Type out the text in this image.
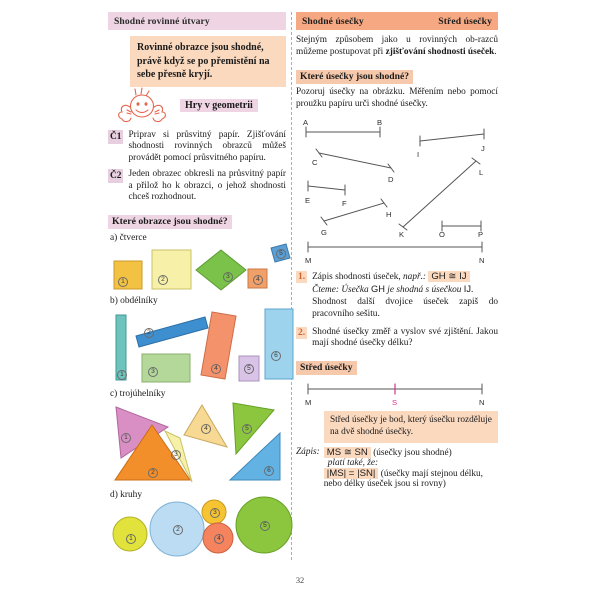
Shodné rovinné útvary
Rovinné obrazce jsou shodné, právě když se po přemistění na sebe přesně kryjí.
Hry v geometrii
Č1 Priprav si průsvitný papír. Zjišťování shodnosti rovinných obrazců můžeš provádět pomocí průsvitného papíru.
Č2 Jeden obrazec obkresli na průsvitný papír a přilož ho k obrazci, o jehož shodnosti chceš rozhodnout.
Které obrazce jsou shodné?
a) čtverce
1	2	3	4
5
b) obdélníky
1
2
3	4	5
6
c) trojúhelníky
1
2
3
4	5
6
d) kruhy
1
2
3
4
5
Shodné úsečky	Střed úsečky
Stejným způsobem jako u rovinných ob-razců můžeme postupovat při zjišťování shodnosti úseček.
Které úsečky jsou shodné?
Pozoruj úsečky na obrázku. Měřením nebo pomocí proužku papíru urči shodné úsečky.
A	B
I
J
C
D
L
E	F
H
G	K	O	P
M	N
1. Zápis shodnosti úseček, např.: GH ≅ IJ
Čteme: Úsečka GH je shodná s úsečkou IJ.
Shodnost další dvojice úseček zapiš do pracovního sešitu.
2. Shodné úsečky změř a vyslov své zjištění. Jakou mají shodné úsečky délku?
Střed úsečky
M	S	N
Střed úsečky je bod, který úsečku rozděluje na dvě shodné úsečky.
Zápis: MS ≅ SN (úsečky jsou shodné)
platí také, že:
|MS| = |SN| (úsečky mají stejnou délku, nebo délky úseček jsou si rovny)
32
